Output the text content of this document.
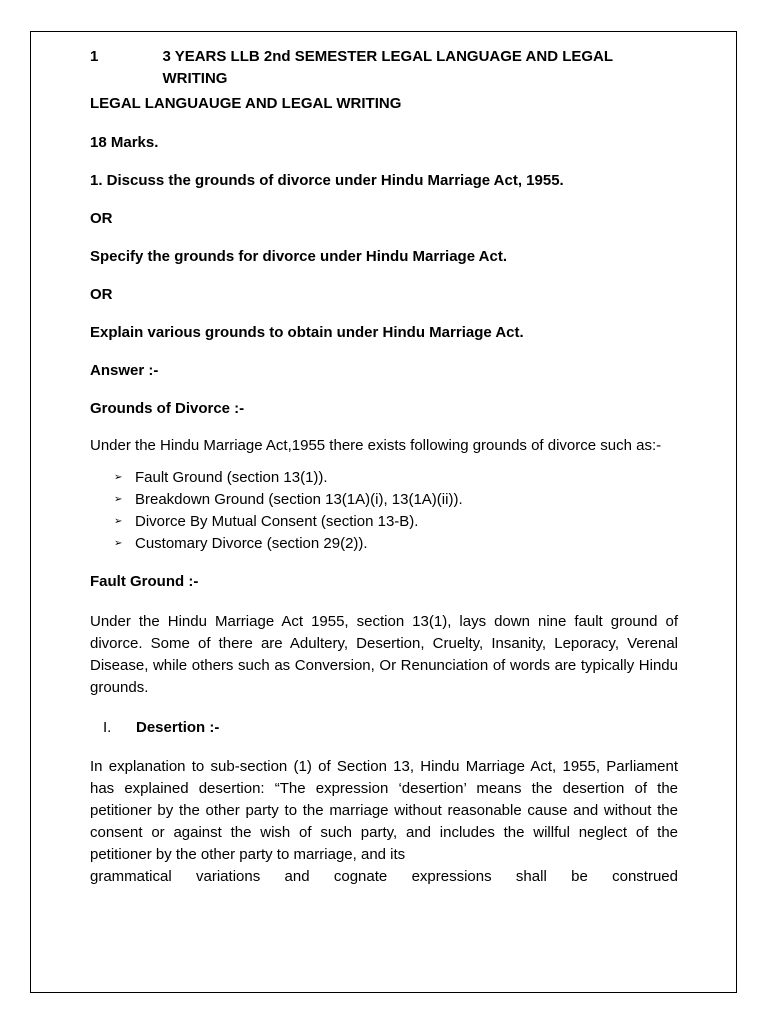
1	3 YEARS LLB 2nd SEMESTER LEGAL LANGUAGE AND LEGAL WRITING
LEGAL LANGUAUGE AND LEGAL WRITING
18 Marks.
1. Discuss the grounds of divorce under Hindu Marriage Act, 1955.
OR
Specify the grounds for divorce under Hindu Marriage Act.
OR
Explain various grounds to obtain under Hindu Marriage Act.
Answer :-
Grounds of Divorce :-

Under the Hindu Marriage Act,1955 there exists following grounds of divorce such as:-

➢ Fault Ground (section 13(1)).
➢ Breakdown Ground (section 13(1A)(i), 13(1A)(ii)).
➢ Divorce By Mutual Consent (section 13-B).
➢ Customary Divorce (section 29(2)).
Fault Ground :-

Under the Hindu Marriage Act 1955, section 13(1), lays down nine fault ground of divorce. Some of there are Adultery, Desertion, Cruelty, Insanity, Leporacy, Verenal Disease, while others such as Conversion, Or Renunciation of words are typically Hindu grounds.

I.	Desertion :-

In explanation to sub-section (1) of Section 13, Hindu Marriage Act, 1955, Parliament has explained desertion: “The expression ‘desertion’ means the desertion of the petitioner by the other party to the marriage without reasonable cause and without the consent or against the wish of such party, and includes the willful neglect of the petitioner by the other party to marriage, and its

grammatical variations and cognate expressions shall be construed
